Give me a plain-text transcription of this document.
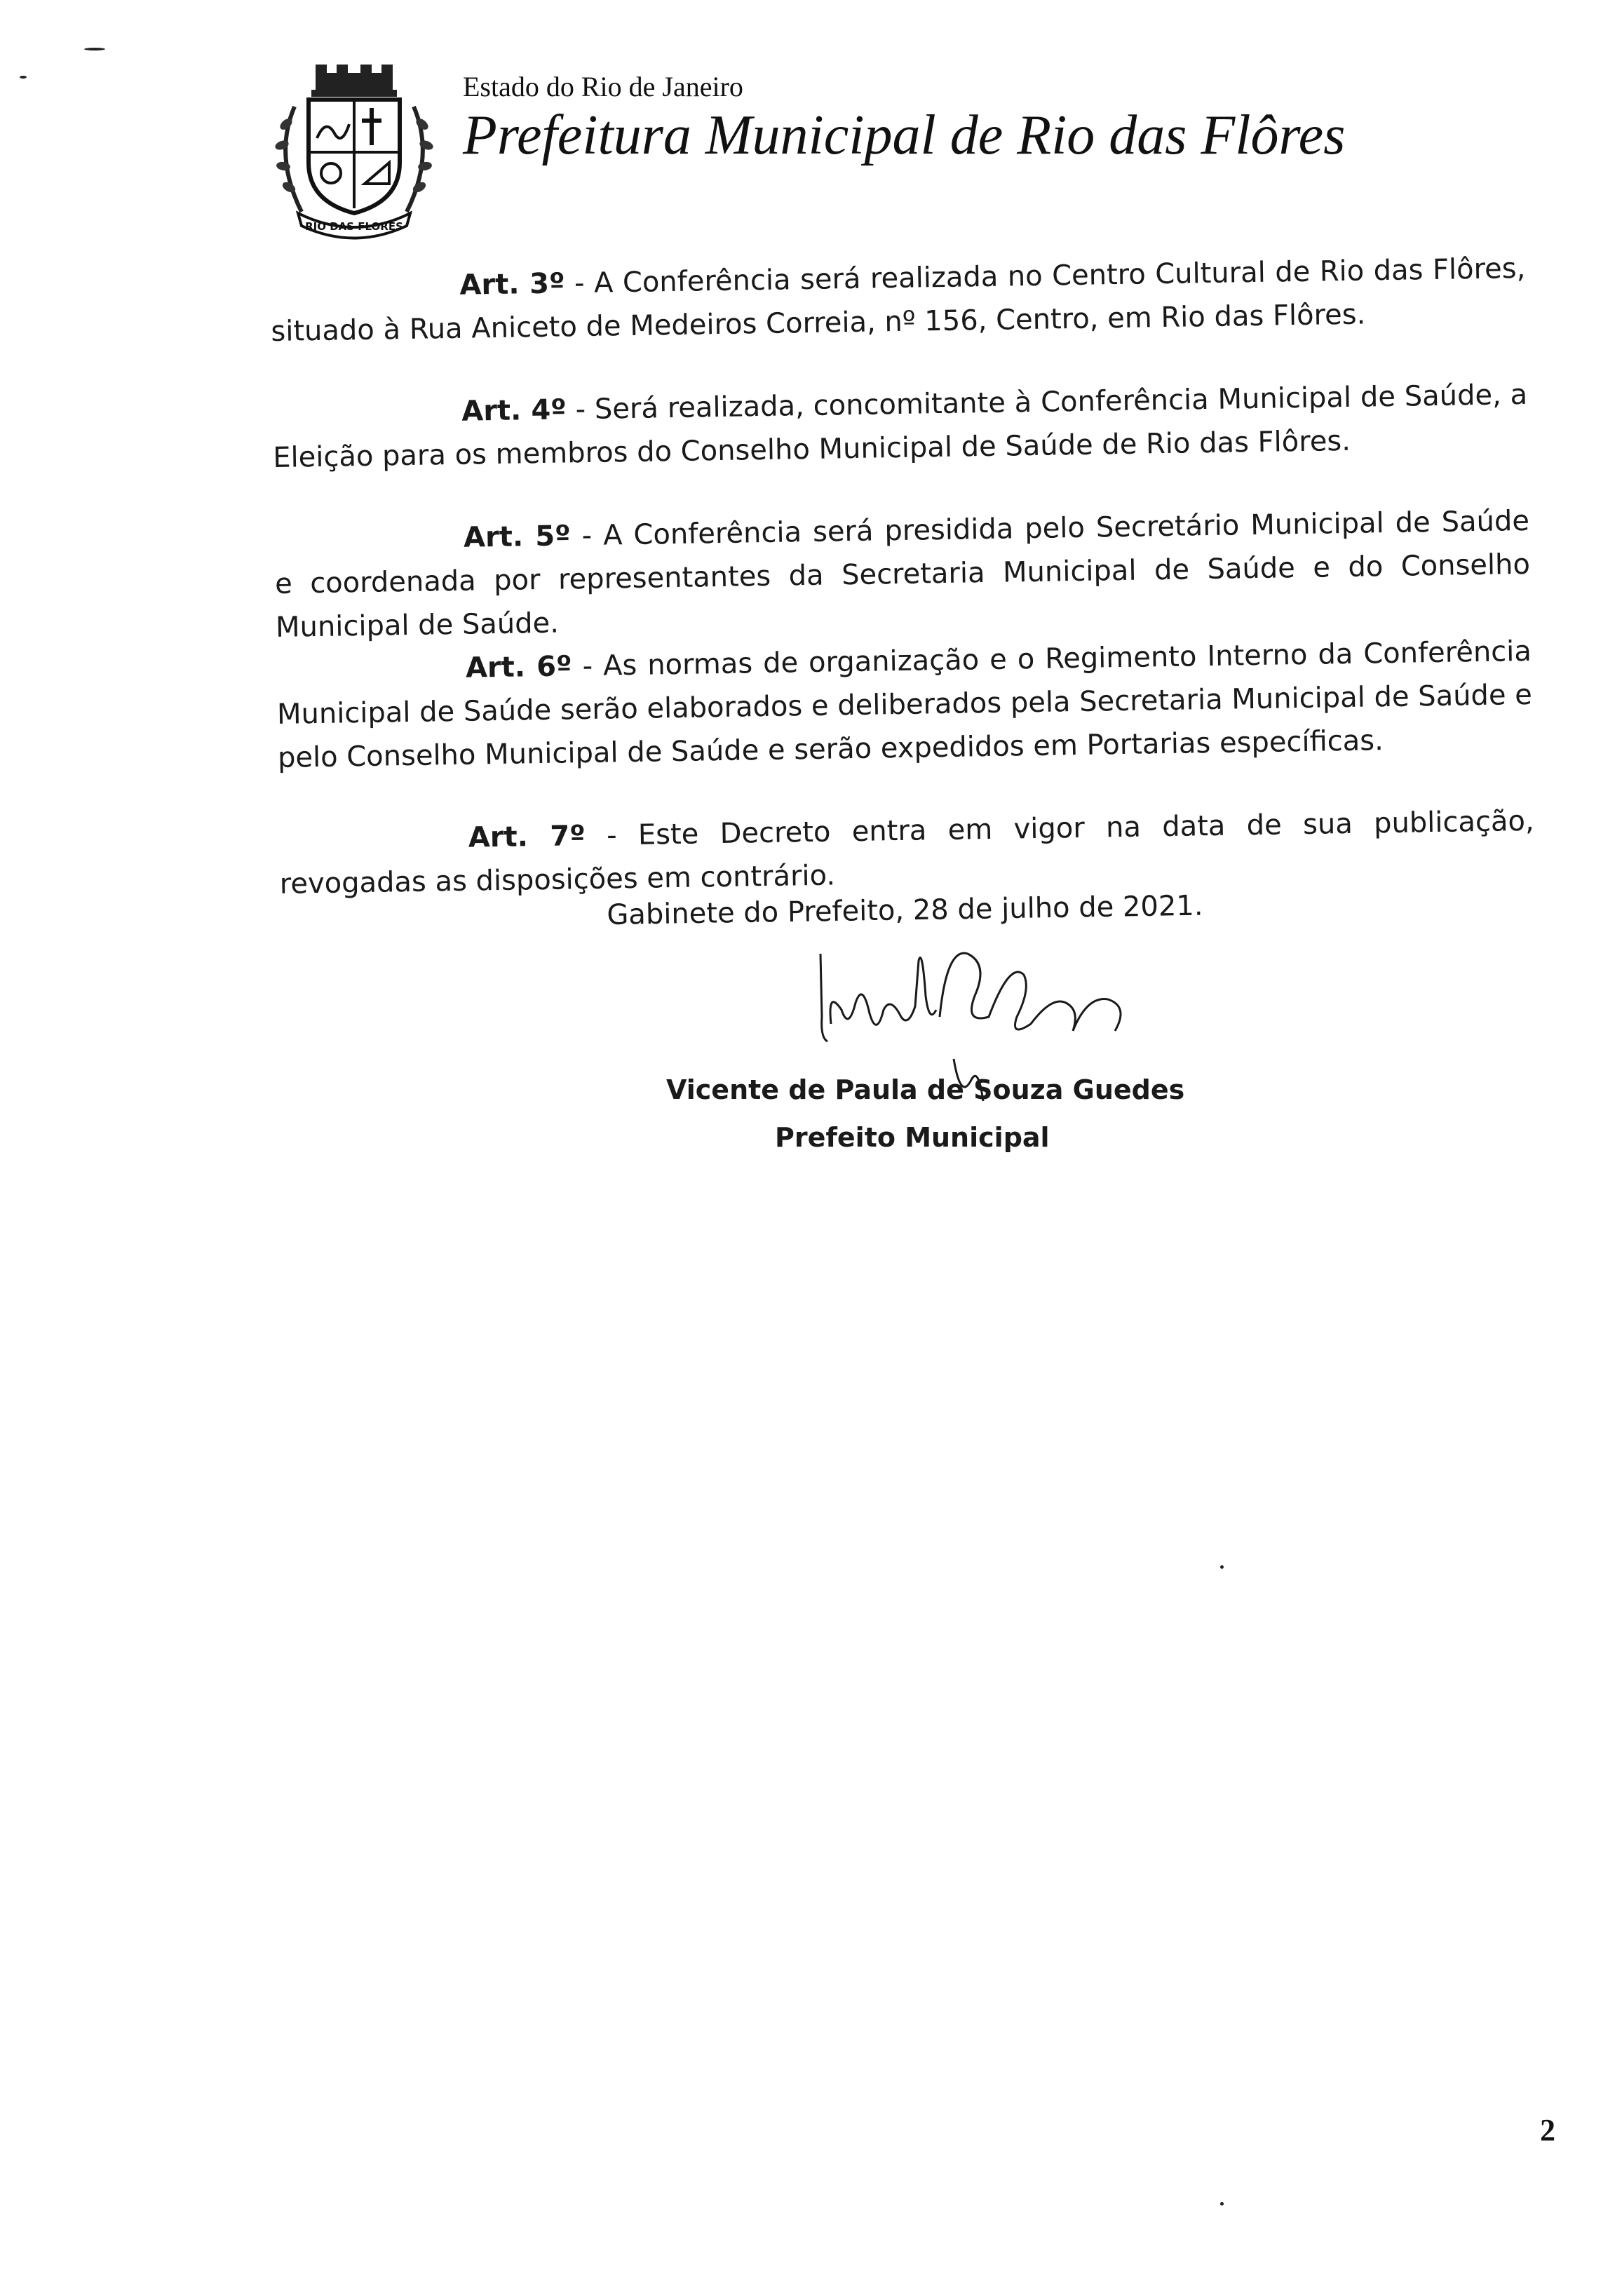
RIO DAS FLORES
Estado do Rio de Janeiro
Prefeitura Municipal de Rio das Flôres

Art. 3º - A Conferência será realizada no Centro Cultural de Rio das Flôres, situado à Rua Aniceto de Medeiros Correia, nº 156, Centro, em Rio das Flôres.

Art. 4º - Será realizada, concomitante à Conferência Municipal de Saúde, a Eleição para os membros do Conselho Municipal de Saúde de Rio das Flôres.

Art. 5º - A Conferência será presidida pelo Secretário Municipal de Saúde e coordenada por representantes da Secretaria Municipal de Saúde e do Conselho Municipal de Saúde.

Art. 6º - As normas de organização e o Regimento Interno da Conferência Municipal de Saúde serão elaborados e deliberados pela Secretaria Municipal de Saúde e pelo Conselho Municipal de Saúde e serão expedidos em Portarias específicas.

Art. 7º - Este Decreto entra em vigor na data de sua publicação, revogadas as disposições em contrário.

Gabinete do Prefeito, 28 de julho de 2021.
Vicente de Paula de Souza Guedes
Prefeito Municipal
2
